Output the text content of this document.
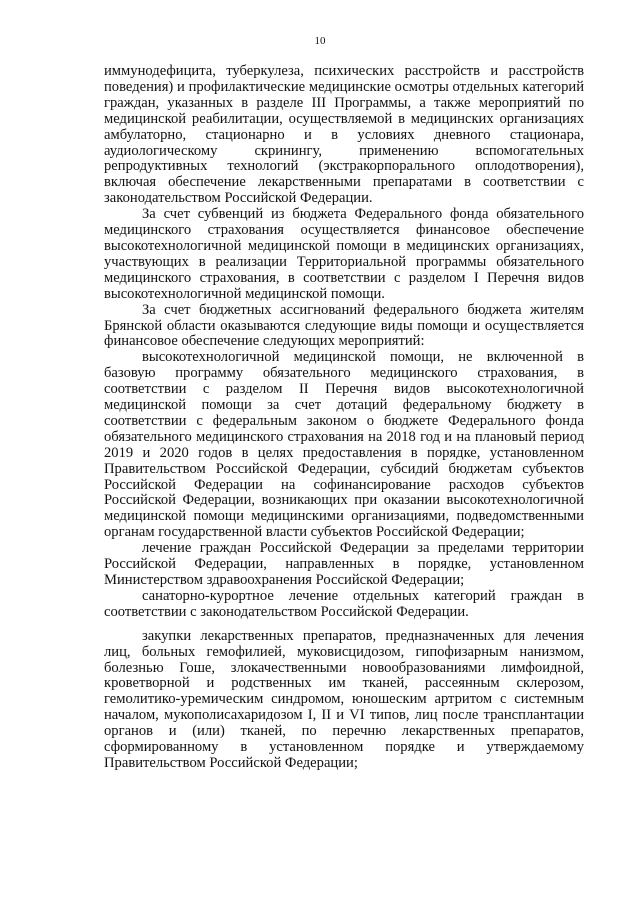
10

иммунодефицита, туберкулеза, психических расстройств и расстройств поведения) и профилактические медицинские осмотры отдельных категорий граждан, указанных в разделе III Программы, а также мероприятий по медицинской реабилитации, осуществляемой в медицинских организациях амбулаторно, стационарно и в условиях дневного стационара, аудиологическому скринингу, применению вспомогательных репродуктивных технологий (экстракорпорального оплодотворения), включая обеспечение лекарственными препаратами в соответствии с законодательством Российской Федерации.

За счет субвенций из бюджета Федерального фонда обязательного медицинского страхования осуществляется финансовое обеспечение высокотехнологичной медицинской помощи в медицинских организациях, участвующих в реализации Территориальной программы обязательного медицинского страхования, в соответствии с разделом I Перечня видов высокотехнологичной медицинской помощи.

За счет бюджетных ассигнований федерального бюджета жителям Брянской области оказываются следующие виды помощи и осуществляется финансовое обеспечение следующих мероприятий:

высокотехнологичной медицинской помощи, не включенной в базовую программу обязательного медицинского страхования, в соответствии с разделом II Перечня видов высокотехнологичной медицинской помощи за счет дотаций федеральному бюджету в соответствии с федеральным законом о бюджете Федерального фонда обязательного медицинского страхования на 2018 год и на плановый период 2019 и 2020 годов в целях предоставления в порядке, установленном Правительством Российской Федерации, субсидий бюджетам субъектов Российской Федерации на софинансирование расходов субъектов Российской Федерации, возникающих при оказании высокотехнологичной медицинской помощи медицинскими организациями, подведомственными органам государственной власти субъектов Российской Федерации;

лечение граждан Российской Федерации за пределами территории Российской Федерации, направленных в порядке, установленном Министерством здравоохранения Российской Федерации;

санаторно-курортное лечение отдельных категорий граждан в соответствии с законодательством Российской Федерации.

закупки лекарственных препаратов, предназначенных для лечения лиц, больных гемофилией, муковисцидозом, гипофизарным нанизмом, болезнью Гоше, злокачественными новообразованиями лимфоидной, кроветворной и родственных им тканей, рассеянным склерозом, гемолитико-уремическим синдромом, юношеским артритом с системным началом, мукополисахаридозом I, II и VI типов, лиц после трансплантации органов и (или) тканей, по перечню лекарственных препаратов, сформированному в установленном порядке и утверждаемому Правительством Российской Федерации;
